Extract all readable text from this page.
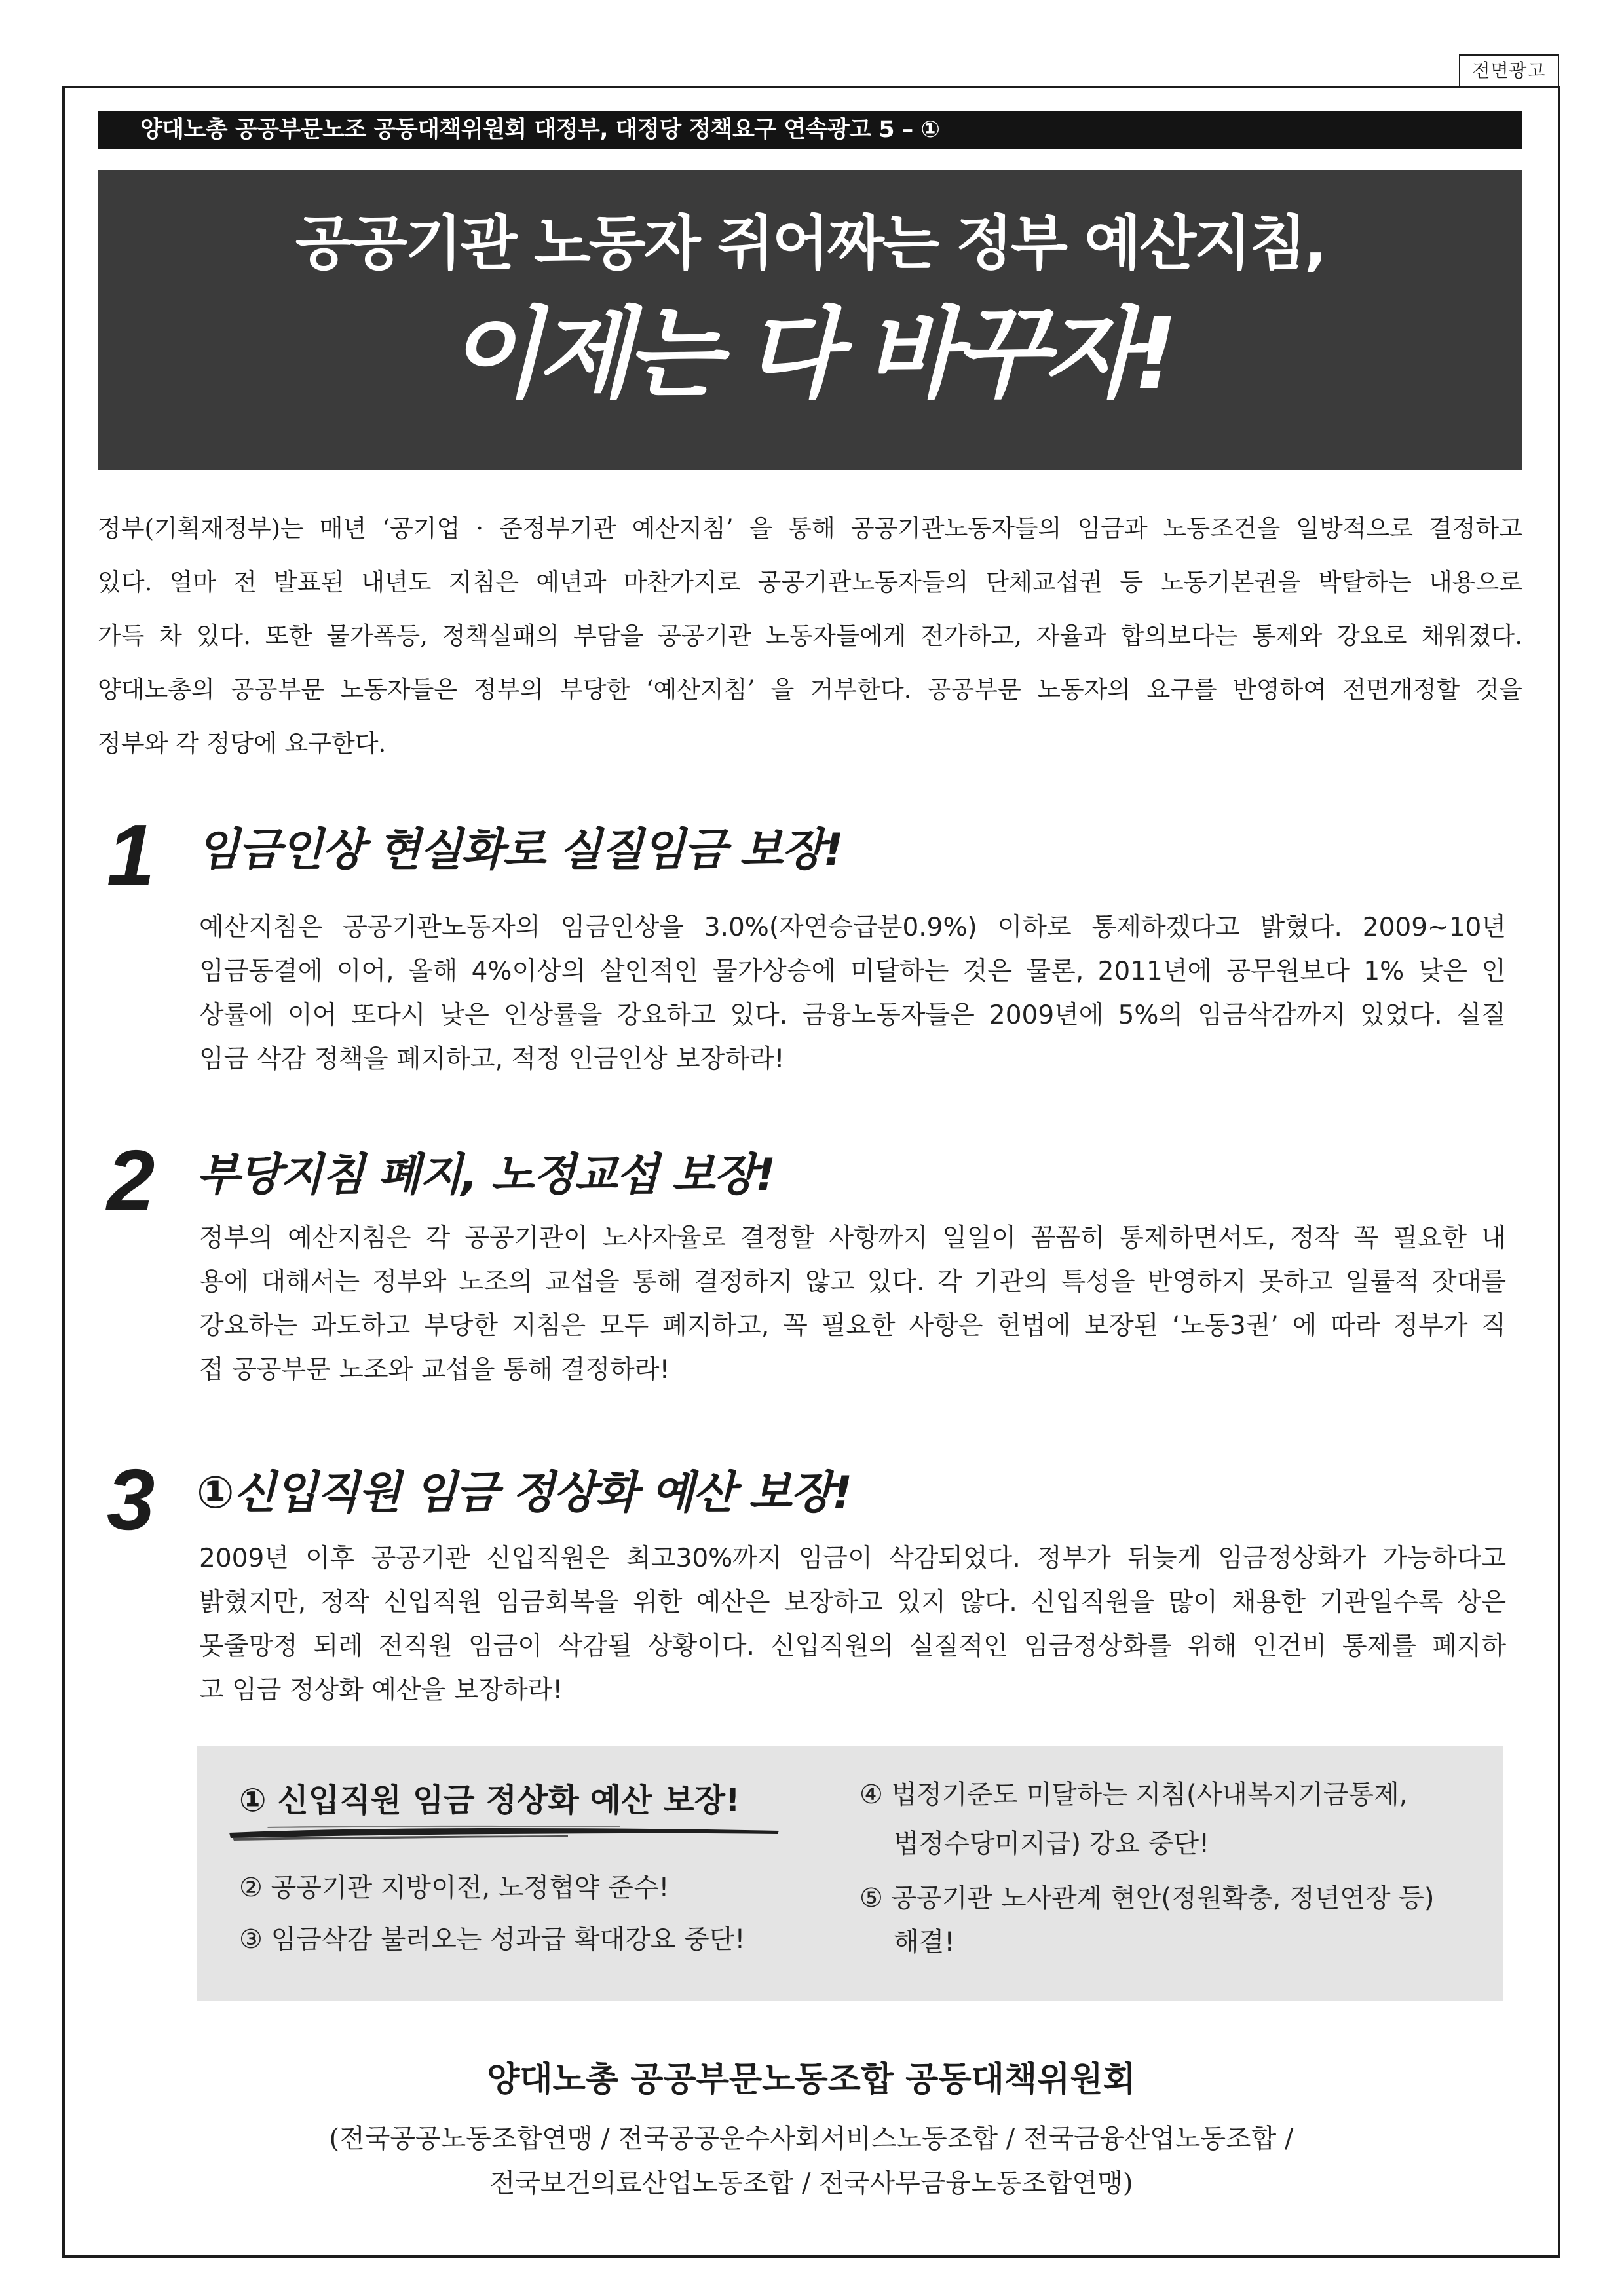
전면광고
양대노총 공공부문노조 공동대책위원회 대정부, 대정당 정책요구 연속광고 5 – ①
공공기관 노동자 쥐어짜는 정부 예산지침,
이제는 다 바꾸자!
정부(기획재정부)는 매년 ‘공기업 · 준정부기관 예산지침’ 을 통해 공공기관노동자들의 임금과 노동조건을 일방적으로 결정하고
있다. 얼마 전 발표된 내년도 지침은 예년과 마찬가지로 공공기관노동자들의 단체교섭권 등 노동기본권을 박탈하는 내용으로
가득 차 있다. 또한 물가폭등, 정책실패의 부담을 공공기관 노동자들에게 전가하고, 자율과 합의보다는 통제와 강요로 채워졌다.
양대노총의 공공부문 노동자들은 정부의 부당한 ‘예산지침’ 을 거부한다. 공공부문 노동자의 요구를 반영하여 전면개정할 것을
정부와 각 정당에 요구한다.
1 임금인상 현실화로 실질임금 보장!
예산지침은 공공기관노동자의 임금인상을 3.0%(자연승급분0.9%) 이하로 통제하겠다고 밝혔다. 2009~10년
임금동결에 이어, 올해 4%이상의 살인적인 물가상승에 미달하는 것은 물론, 2011년에 공무원보다 1% 낮은 인
상률에 이어 또다시 낮은 인상률을 강요하고 있다. 금융노동자들은 2009년에 5%의 임금삭감까지 있었다. 실질
임금 삭감 정책을 폐지하고, 적정 인금인상 보장하라!
2 부당지침 폐지, 노정교섭 보장!
정부의 예산지침은 각 공공기관이 노사자율로 결정할 사항까지 일일이 꼼꼼히 통제하면서도, 정작 꼭 필요한 내
용에 대해서는 정부와 노조의 교섭을 통해 결정하지 않고 있다. 각 기관의 특성을 반영하지 못하고 일률적 잣대를
강요하는 과도하고 부당한 지침은 모두 폐지하고, 꼭 필요한 사항은 헌법에 보장된 ‘노동3권’ 에 따라 정부가 직
접 공공부문 노조와 교섭을 통해 결정하라!
3 ①신입직원 임금 정상화 예산 보장!
2009년 이후 공공기관 신입직원은 최고30%까지 임금이 삭감되었다. 정부가 뒤늦게 임금정상화가 가능하다고
밝혔지만, 정작 신입직원 임금회복을 위한 예산은 보장하고 있지 않다. 신입직원을 많이 채용한 기관일수록 상은
못줄망정 되레 전직원 임금이 삭감될 상황이다. 신입직원의 실질적인 임금정상화를 위해 인건비 통제를 폐지하
고 임금 정상화 예산을 보장하라!
① 신입직원 임금 정상화 예산 보장!
② 공공기관 지방이전, 노정협약 준수!
③ 임금삭감 불러오는 성과급 확대강요 중단!
④ 법정기준도 미달하는 지침(사내복지기금통제,
법정수당미지급) 강요 중단!
⑤ 공공기관 노사관계 현안(정원확충, 정년연장 등)
해결!
양대노총 공공부문노동조합 공동대책위원회
(전국공공노동조합연맹 / 전국공공운수사회서비스노동조합 / 전국금융산업노동조합 /
전국보건의료산업노동조합 / 전국사무금융노동조합연맹)
